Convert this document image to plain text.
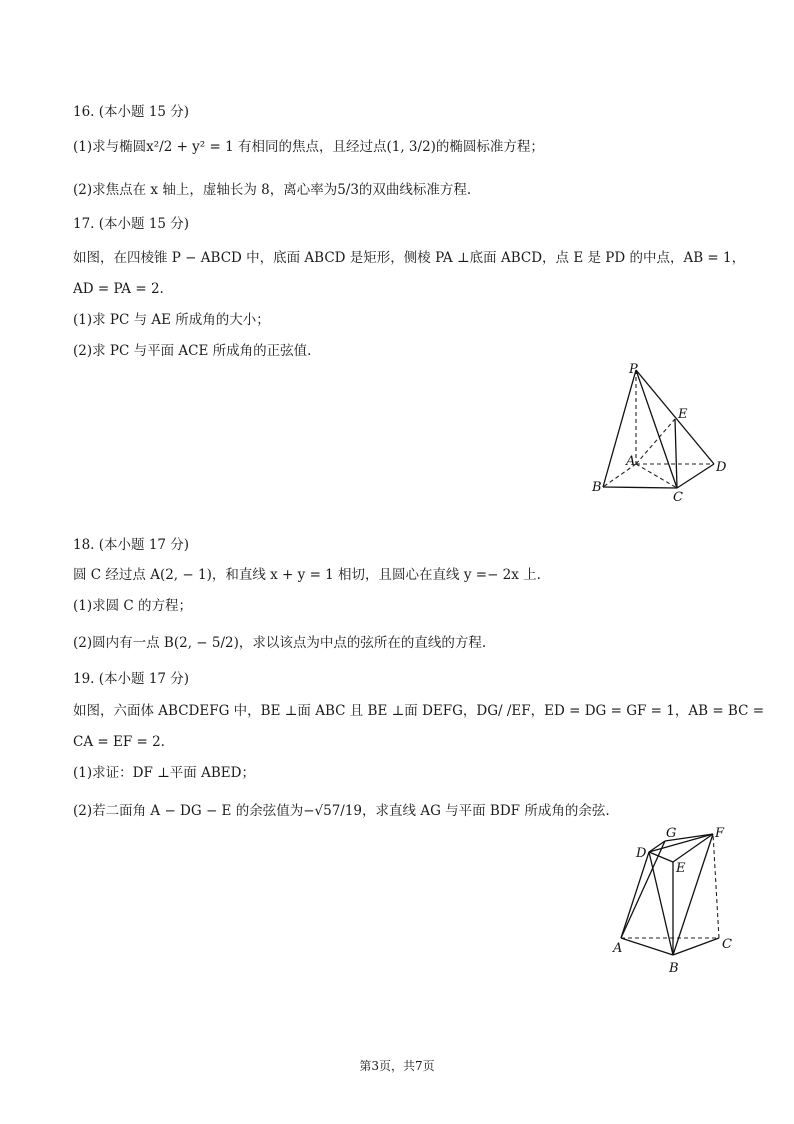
16. (本小题 15 分)
(1)求与椭圆x²/2 + y² = 1 有相同的焦点，且经过点(1, 3/2)的椭圆标准方程；
(2)求焦点在 x 轴上，虚轴长为 8，离心率为5/3的双曲线标准方程.
17. (本小题 15 分)
如图，在四棱锥 P − ABCD 中，底面 ABCD 是矩形，侧棱 PA ⊥底面 ABCD，点 E 是 PD 的中点，AB = 1，
AD = PA = 2.
(1)求 PC 与 AE 所成角的大小；
(2)求 PC 与平面 ACE 所成角的正弦值.
P
E
A	D
B
C
18. (本小题 17 分)
圆 C 经过点 A(2, − 1)，和直线 x + y = 1 相切，且圆心在直线 y =− 2x 上.
(1)求圆 C 的方程；
(2)圆内有一点 B(2, − 5/2)，求以该点为中点的弦所在的直线的方程.
19. (本小题 17 分)
如图，六面体 ABCDEFG 中，BE ⊥面 ABC 且 BE ⊥面 DEFG，DG/ /EF，ED = DG = GF = 1，AB = BC =
CA = EF = 2.
(1)求证：DF ⊥平面 ABED；
(2)若二面角 A − DG − E 的余弦值为−√57/19，求直线 AG 与平面 BDF 所成角的余弦.
G	F
D
E
A	C
B
第3页，共7页
